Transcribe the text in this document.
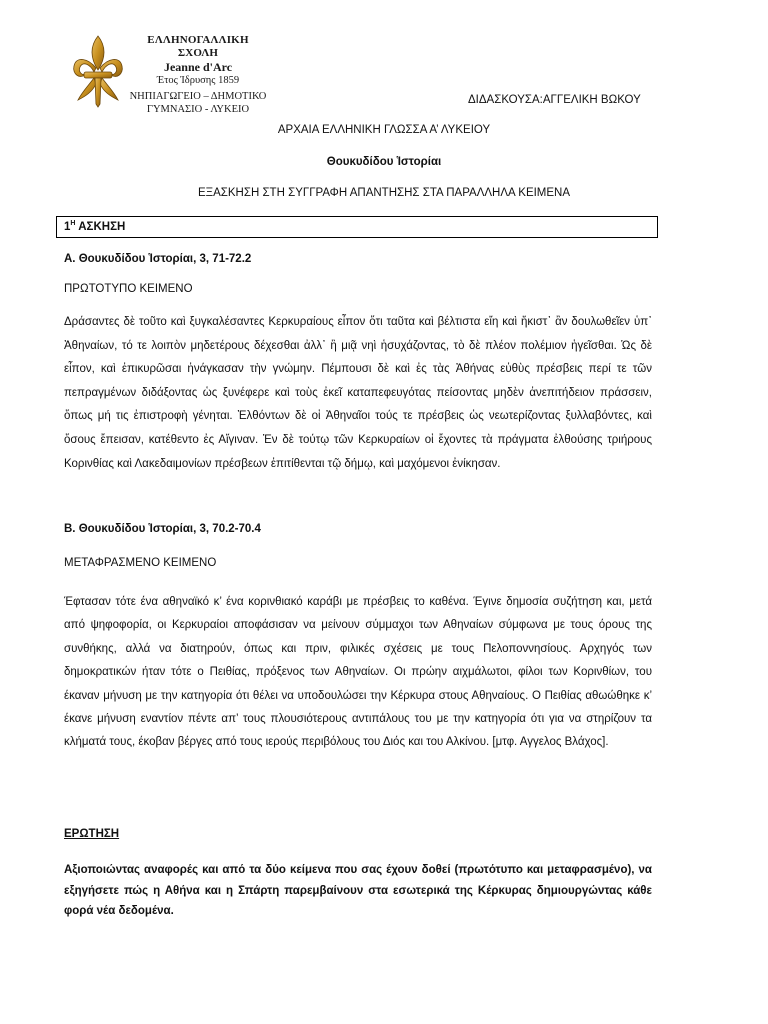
ΕΛΛΗΝΟΓΑΛΛΙΚΗ ΣΧΟΛΗ
Jeanne d'Arc
Έτος Ίδρυσης 1859
ΝΗΠΙΑΓΩΓΕΙΟ – ΔΗΜΟΤΙΚΟ
ΓΥΜΝΑΣΙΟ - ΛΥΚΕΙΟ
ΔΙΔΑΣΚΟΥΣΑ:ΑΓΓΕΛΙΚΗ ΒΩΚΟΥ
ΑΡΧΑΙΑ ΕΛΛΗΝΙΚΗ ΓΛΩΣΣΑ Α’ ΛΥΚΕΙΟΥ
Θουκυδίδου Ἱστορίαι
ΕΞΑΣΚΗΣΗ ΣΤΗ ΣΥΓΓΡΑΦΗ ΑΠΑΝΤΗΣΗΣ ΣΤΑ ΠΑΡΑΛΛΗΛΑ ΚΕΙΜΕΝΑ
$1^H$ ΑΣΚΗΣΗ
Α. Θουκυδίδου Ἱστορίαι, 3, 71-72.2
ΠΡΩΤΟΤΥΠΟ ΚΕΙΜΕΝΟ
Δράσαντες δὲ τοῦτο καὶ ξυγκαλέσαντες Κερκυραίους εἶπον ὅτι ταῦτα καὶ βέλτιστα εἴη καὶ ἥκιστ᾽ ἂν δουλωθεῖεν ὑπ᾽ Ἀθηναίων, τό τε λοιπὸν μηδετέρους δέχεσθαι ἀλλ᾽ ἢ μιᾷ νηὶ ἡσυχάζοντας, τὸ δὲ πλέον πολέμιον ἡγεῖσθαι. Ὡς δὲ εἶπον, καὶ ἐπικυρῶσαι ἠνάγκασαν τὴν γνώμην. Πέμπουσι δὲ καὶ ἐς τὰς Ἀθήνας εὐθὺς πρέσβεις περί τε τῶν πεπραγμένων διδάξοντας ὡς ξυνέφερε καὶ τοὺς ἐκεῖ καταπεφευγότας πείσοντας μηδὲν ἀνεπιτήδειον πράσσειν, ὅπως μή τις ἐπιστροφὴ γένηται. Ἐλθόντων δὲ οἱ Ἀθηναῖοι τούς τε πρέσβεις ὡς νεωτερίζοντας ξυλλαβόντες, καὶ ὅσους ἔπεισαν, κατέθεντο ἐς Αἴγιναν. Ἐν δὲ τούτῳ τῶν Κερκυραίων οἱ ἔχοντες τὰ πράγματα ἐλθούσης τριήρους Κορινθίας καὶ Λακεδαιμονίων πρέσβεων ἐπιτίθενται τῷ δήμῳ, καὶ μαχόμενοι ἐνίκησαν.
Β. Θουκυδίδου Ἱστορίαι, 3, 70.2-70.4
ΜΕΤΑΦΡΑΣΜΕΝΟ ΚΕΙΜΕΝΟ
Έφτασαν τότε ένα αθηναϊκό κ’ ένα κορινθιακό καράβι με πρέσβεις το καθένα. Έγινε δημοσία συζήτηση και, μετά από ψηφοφορία, οι Κερκυραίοι αποφάσισαν να μείνουν σύμμαχοι των Αθηναίων σύμφωνα με τους όρους της συνθήκης, αλλά να διατηρούν, όπως και πριν, φιλικές σχέσεις με τους Πελοποννησίους. Αρχηγός των δημοκρατικών ήταν τότε ο Πειθίας, πρόξενος των Αθηναίων. Οι πρώην αιχμάλωτοι, φίλοι των Κορινθίων, του έκαναν μήνυση με την κατηγορία ότι θέλει να υποδουλώσει την Κέρκυρα στους Αθηναίους. Ο Πειθίας αθωώθηκε κ’ έκανε μήνυση εναντίον πέντε απ’ τους πλουσιότερους αντιπάλους του με την κατηγορία ότι για να στηρίζουν τα κλήματά τους, έκοβαν βέργες από τους ιερούς περιβόλους του Διός και του Αλκίνου. [μτφ. Αγγελος Βλάχος].
ΕΡΩΤΗΣΗ
Αξιοποιώντας αναφορές και από τα δύο κείμενα που σας έχουν δοθεί (πρωτότυπο και μεταφρασμένο), να εξηγήσετε πώς η Αθήνα και η Σπάρτη παρεμβαίνουν στα εσωτερικά της Κέρκυρας δημιουργώντας κάθε φορά νέα δεδομένα.
